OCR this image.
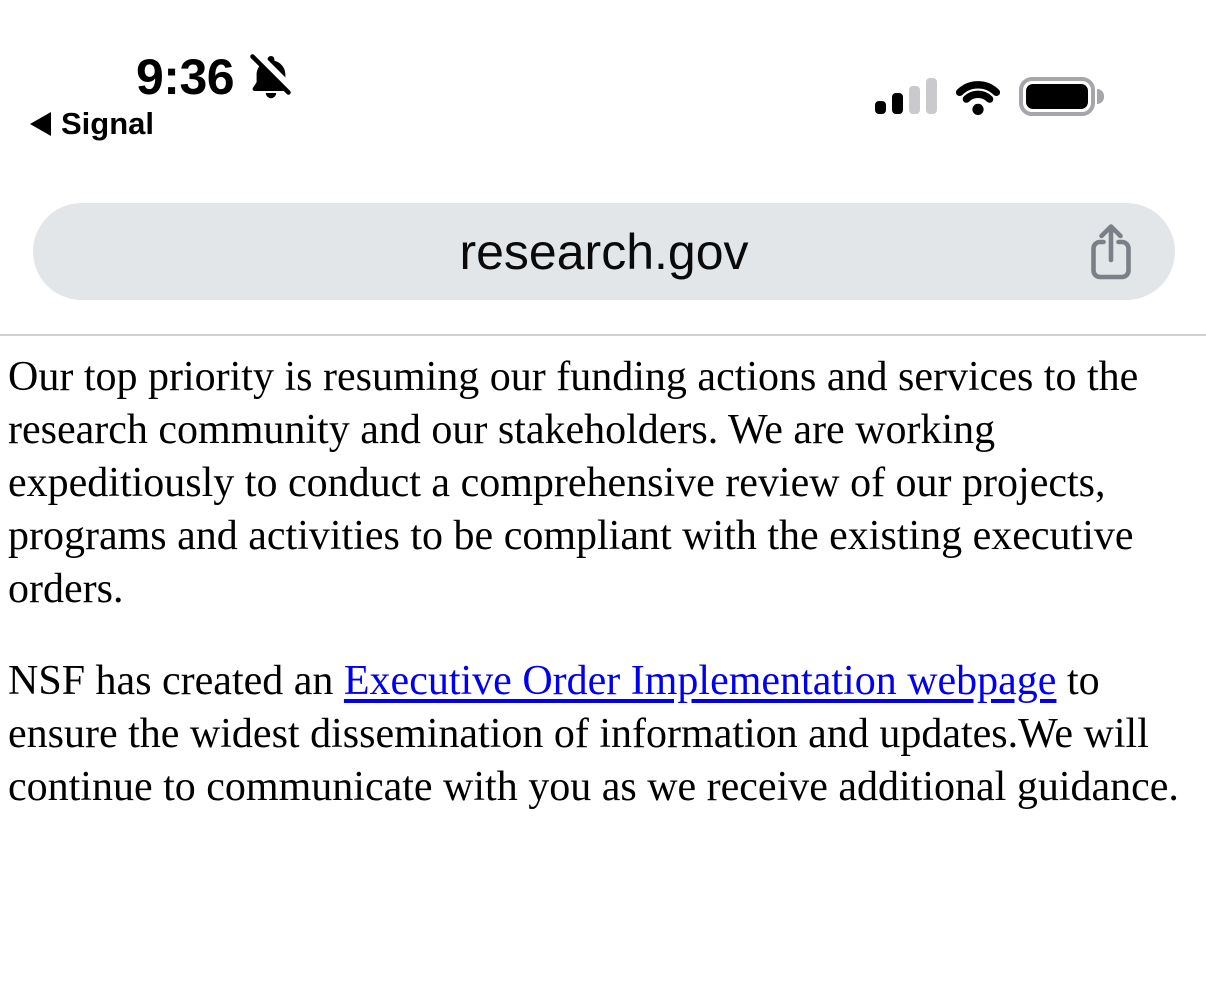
9:36
Signal
research.gov

Our top priority is resuming our funding actions and services to the research community and our stakeholders. We are working expeditiously to conduct a comprehensive review of our projects, programs and activities to be compliant with the existing executive orders.

NSF has created an Executive Order Implementation webpage to ensure the widest dissemination of information and updates.We will continue to communicate with you as we receive additional guidance.
